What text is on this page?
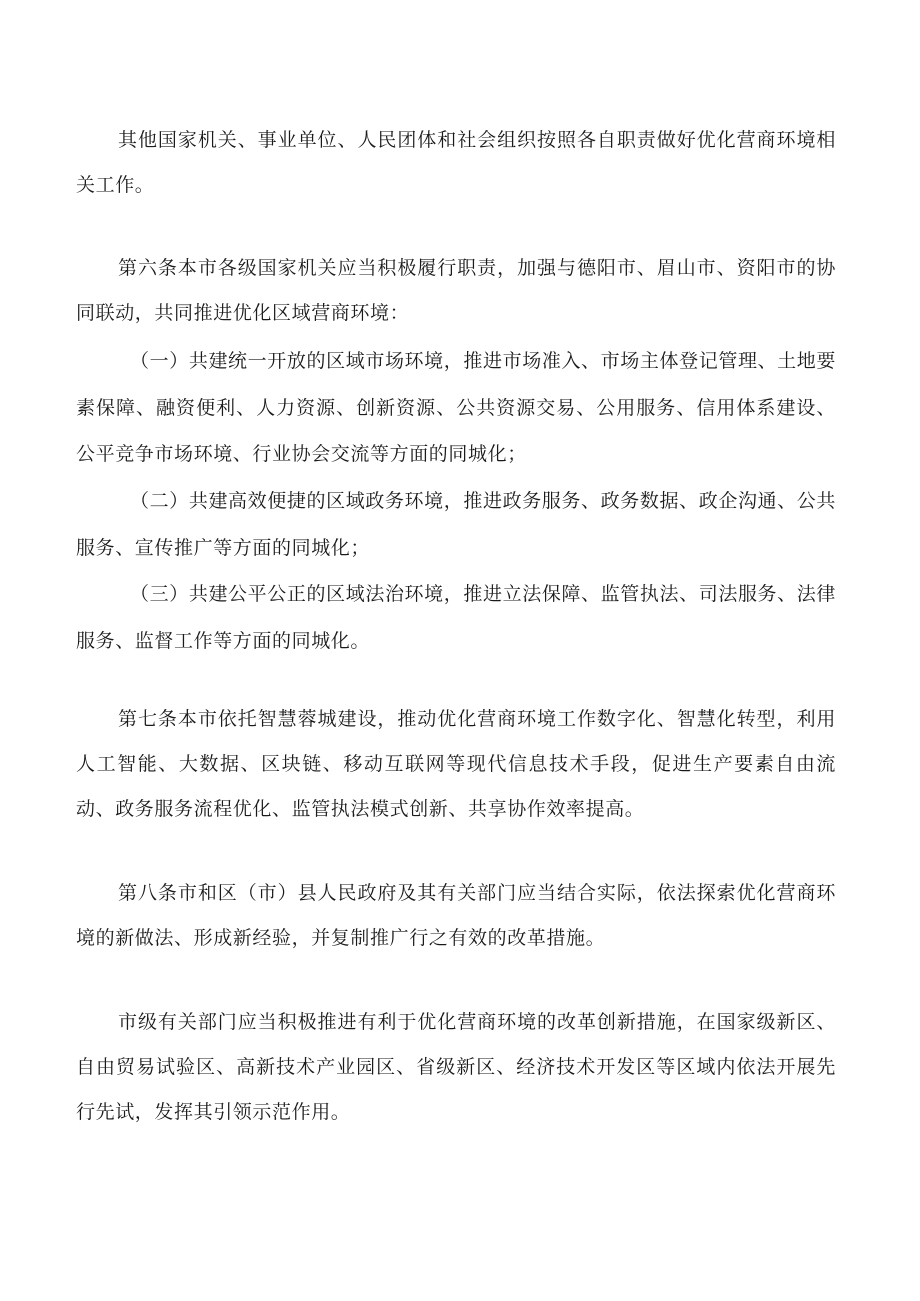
其他国家机关、事业单位、人民团体和社会组织按照各自职责做好优化营商环境相关工作。

第六条本市各级国家机关应当积极履行职责，加强与德阳市、眉山市、资阳市的协同联动，共同推进优化区域营商环境：

（一）共建统一开放的区域市场环境，推进市场准入、市场主体登记管理、土地要素保障、融资便利、人力资源、创新资源、公共资源交易、公用服务、信用体系建设、公平竞争市场环境、行业协会交流等方面的同城化；

（二）共建高效便捷的区域政务环境，推进政务服务、政务数据、政企沟通、公共服务、宣传推广等方面的同城化；

（三）共建公平公正的区域法治环境，推进立法保障、监管执法、司法服务、法律服务、监督工作等方面的同城化。

第七条本市依托智慧蓉城建设，推动优化营商环境工作数字化、智慧化转型，利用人工智能、大数据、区块链、移动互联网等现代信息技术手段，促进生产要素自由流动、政务服务流程优化、监管执法模式创新、共享协作效率提高。

第八条市和区（市）县人民政府及其有关部门应当结合实际，依法探索优化营商环境的新做法、形成新经验，并复制推广行之有效的改革措施。

市级有关部门应当积极推进有利于优化营商环境的改革创新措施，在国家级新区、自由贸易试验区、高新技术产业园区、省级新区、经济技术开发区等区域内依法开展先行先试，发挥其引领示范作用。
